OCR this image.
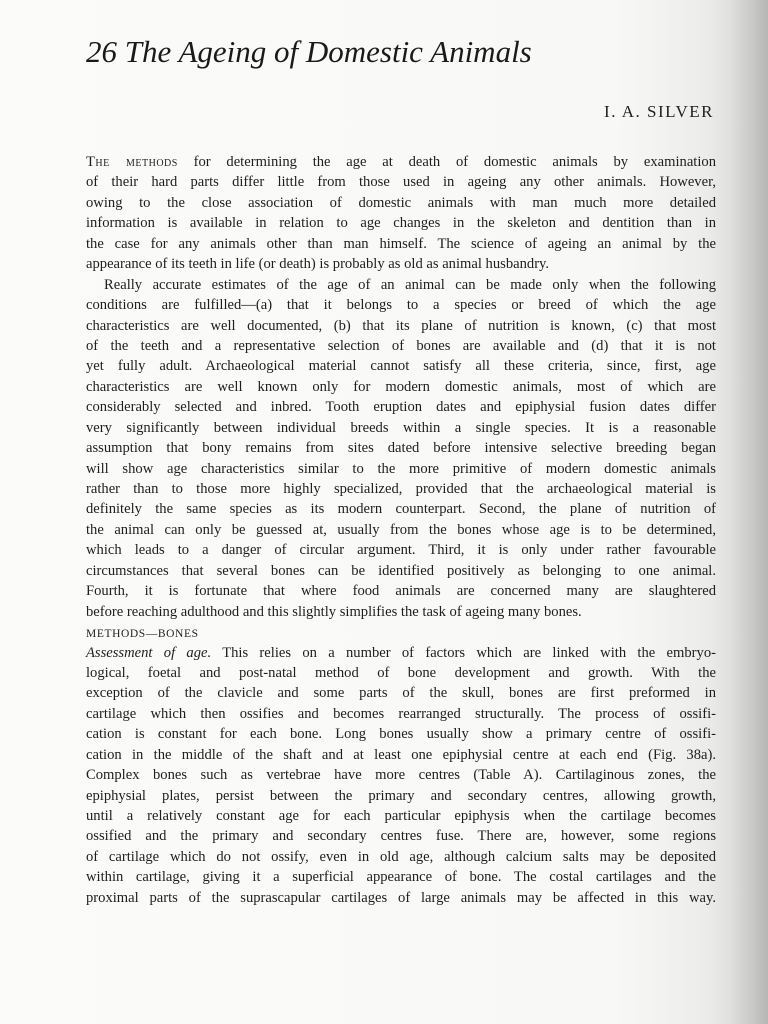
26 The Ageing of Domestic Animals
I. A. SILVER
The methods for determining the age at death of domestic animals by examination
of their hard parts differ little from those used in ageing any other animals. However,
owing to the close association of domestic animals with man much more detailed
information is available in relation to age changes in the skeleton and dentition than in
the case for any animals other than man himself. The science of ageing an animal by the
appearance of its teeth in life (or death) is probably as old as animal husbandry.
Really accurate estimates of the age of an animal can be made only when the following
conditions are fulfilled—(a) that it belongs to a species or breed of which the age
characteristics are well documented, (b) that its plane of nutrition is known, (c) that most
of the teeth and a representative selection of bones are available and (d) that it is not
yet fully adult. Archaeological material cannot satisfy all these criteria, since, first, age
characteristics are well known only for modern domestic animals, most of which are
considerably selected and inbred. Tooth eruption dates and epiphysial fusion dates differ
very significantly between individual breeds within a single species. It is a reasonable
assumption that bony remains from sites dated before intensive selective breeding began
will show age characteristics similar to the more primitive of modern domestic animals
rather than to those more highly specialized, provided that the archaeological material is
definitely the same species as its modern counterpart. Second, the plane of nutrition of
the animal can only be guessed at, usually from the bones whose age is to be determined,
which leads to a danger of circular argument. Third, it is only under rather favourable
circumstances that several bones can be identified positively as belonging to one animal.
Fourth, it is fortunate that where food animals are concerned many are slaughtered
before reaching adulthood and this slightly simplifies the task of ageing many bones.
METHODS—BONES
Assessment of age. This relies on a number of factors which are linked with the embryo-
logical, foetal and post-natal method of bone development and growth. With the
exception of the clavicle and some parts of the skull, bones are first preformed in
cartilage which then ossifies and becomes rearranged structurally. The process of ossifi-
cation is constant for each bone. Long bones usually show a primary centre of ossifi-
cation in the middle of the shaft and at least one epiphysial centre at each end (Fig. 38a).
Complex bones such as vertebrae have more centres (Table A). Cartilaginous zones, the
epiphysial plates, persist between the primary and secondary centres, allowing growth,
until a relatively constant age for each particular epiphysis when the cartilage becomes
ossified and the primary and secondary centres fuse. There are, however, some regions
of cartilage which do not ossify, even in old age, although calcium salts may be deposited
within cartilage, giving it a superficial appearance of bone. The costal cartilages and the
proximal parts of the suprascapular cartilages of large animals may be affected in this way.
